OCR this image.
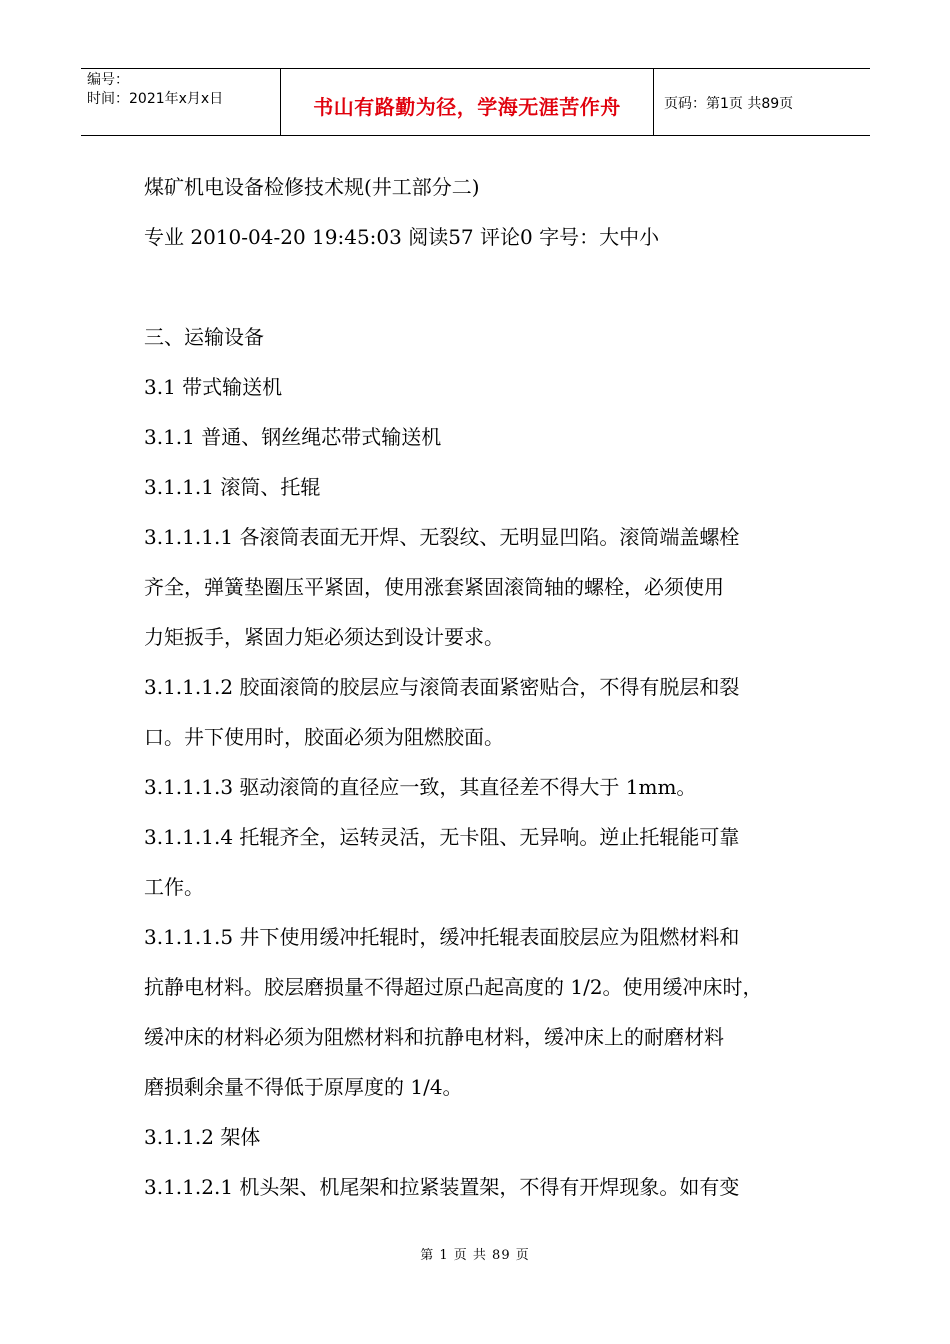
编号：
时间：2021年x月x日	书山有路勤为径，学海无涯苦作舟	页码：第1页 共89页
煤矿机电设备检修技术规(井工部分二)
专业 2010-04-20 19:45:03 阅读57 评论0 字号：大中小
三、运输设备
3.1 带式输送机
3.1.1 普通、钢丝绳芯带式输送机
3.1.1.1 滚筒、托辊
3.1.1.1.1 各滚筒表面无开焊、无裂纹、无明显凹陷。滚筒端盖螺栓
齐全，弹簧垫圈压平紧固，使用涨套紧固滚筒轴的螺栓，必须使用
力矩扳手，紧固力矩必须达到设计要求。
3.1.1.1.2 胶面滚筒的胶层应与滚筒表面紧密贴合，不得有脱层和裂
口。井下使用时，胶面必须为阻燃胶面。
3.1.1.1.3 驱动滚筒的直径应一致，其直径差不得大于 1mm。
3.1.1.1.4 托辊齐全，运转灵活，无卡阻、无异响。逆止托辊能可靠
工作。
3.1.1.1.5 井下使用缓冲托辊时，缓冲托辊表面胶层应为阻燃材料和
抗静电材料。胶层磨损量不得超过原凸起高度的 1/2。使用缓冲床时，
缓冲床的材料必须为阻燃材料和抗静电材料，缓冲床上的耐磨材料
磨损剩余量不得低于原厚度的 1/4。
3.1.1.2 架体
3.1.1.2.1 机头架、机尾架和拉紧装置架，不得有开焊现象。如有变
第 1 页 共 89 页
